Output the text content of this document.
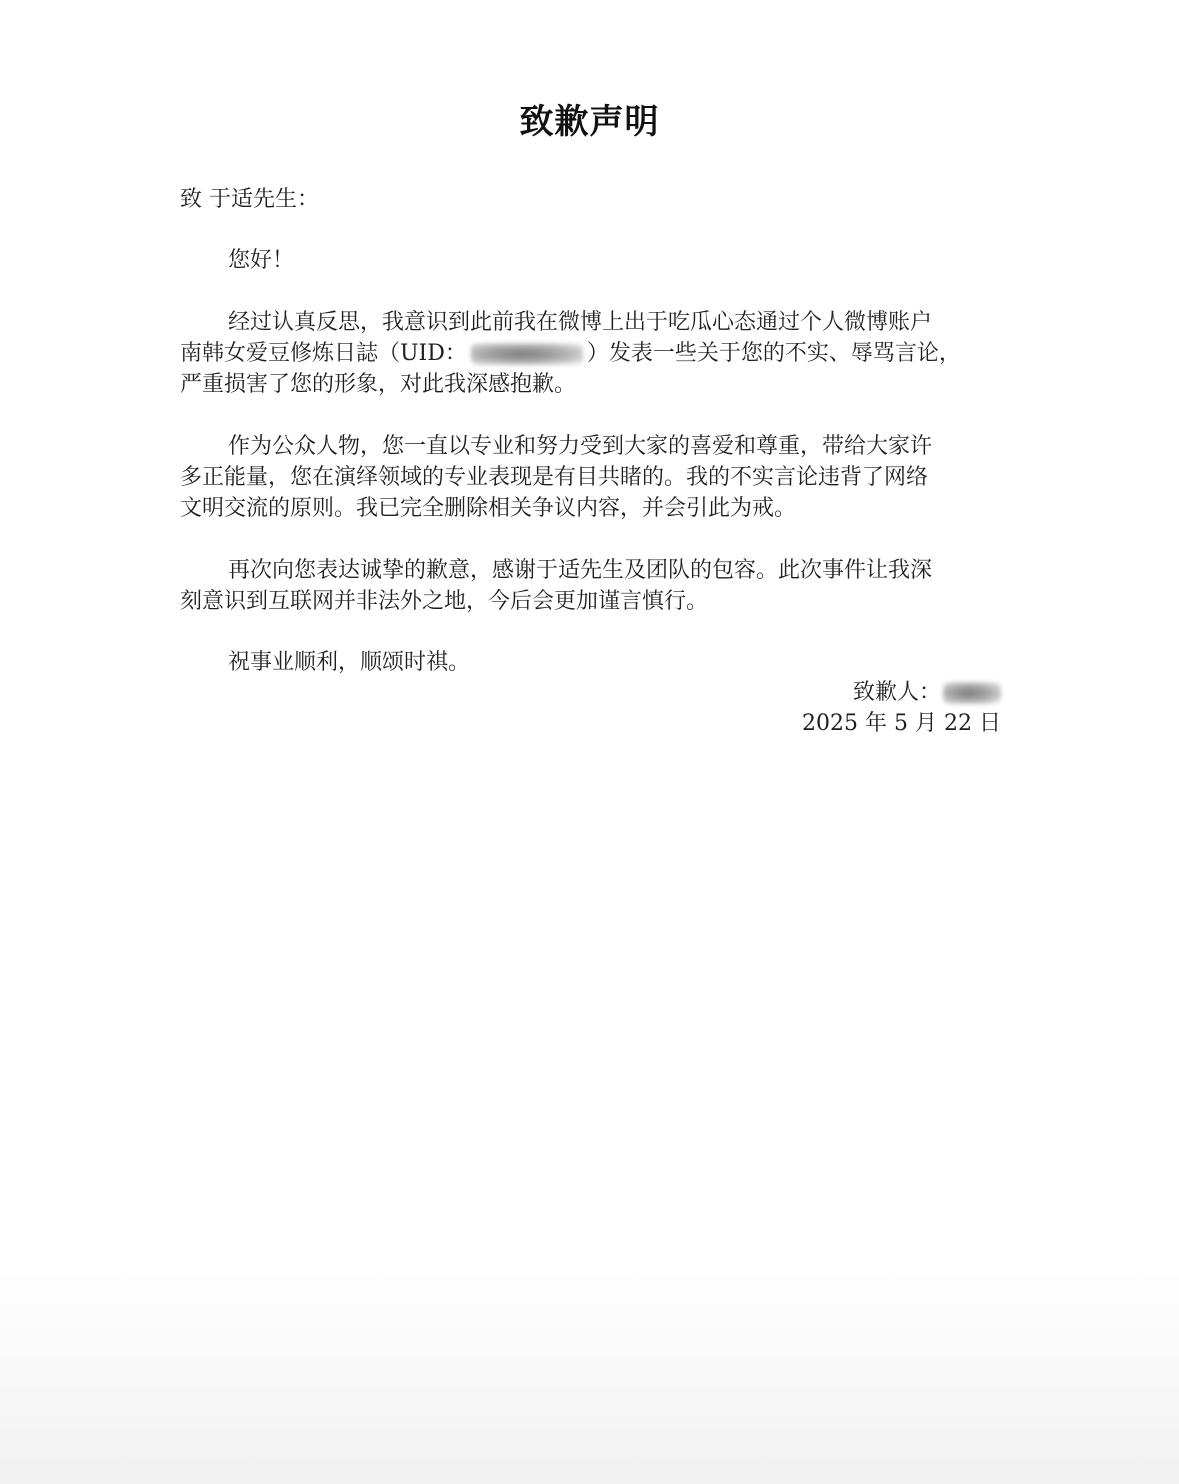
致歉声明
致 于适先生：
您好！
经过认真反思，我意识到此前我在微博上出于吃瓜心态通过个人微博账户
南韩女爱豆修炼日誌（UID：	）发表一些关于您的不实、辱骂言论，
严重损害了您的形象，对此我深感抱歉。
作为公众人物，您一直以专业和努力受到大家的喜爱和尊重，带给大家许
多正能量，您在演绎领域的专业表现是有目共睹的。我的不实言论违背了网络
文明交流的原则。我已完全删除相关争议内容，并会引此为戒。
再次向您表达诚挚的歉意，感谢于适先生及团队的包容。此次事件让我深
刻意识到互联网并非法外之地，今后会更加谨言慎行。
祝事业顺利，顺颂时祺。
致歉人：
2025 年 5 月 22 日
